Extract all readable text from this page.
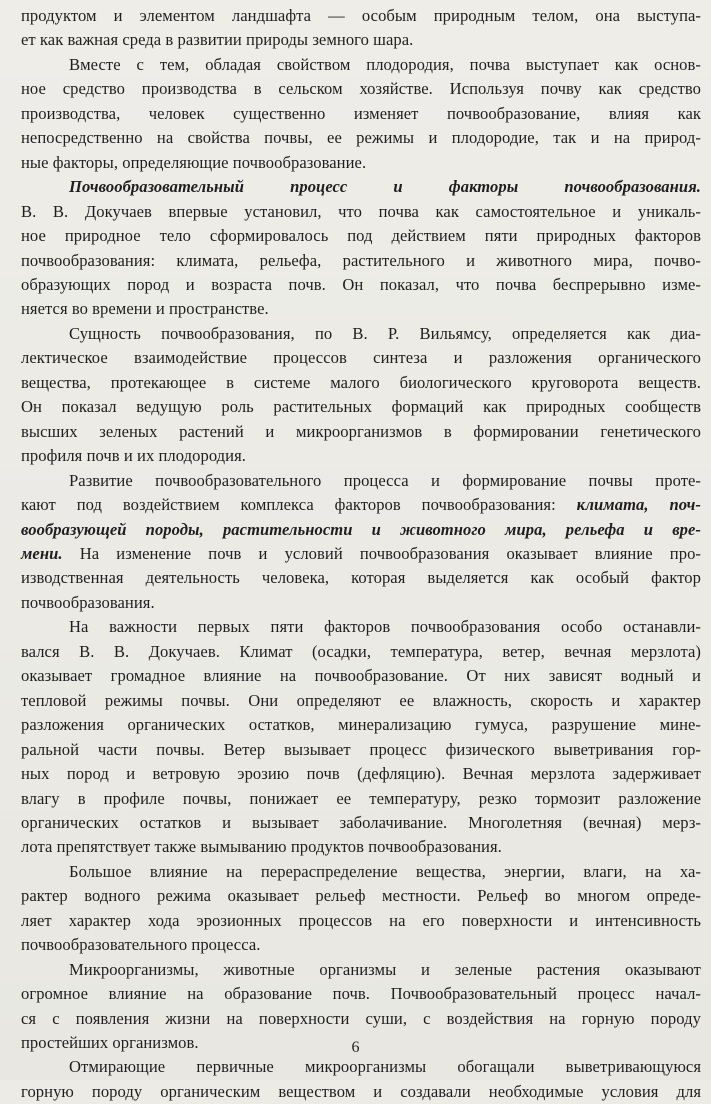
продуктом и элементом ландшафта — особым природным телом, она выступа-
ет как важная среда в развитии природы земного шара.

Вместе с тем, обладая свойством плодородия, почва выступает как основ-
ное средство производства в сельском хозяйстве. Используя почву как средство
производства, человек существенно изменяет почвообразование, влияя как
непосредственно на свойства почвы, ее режимы и плодородие, так и на природ-
ные факторы, определяющие почвообразование.

Почвообразовательный процесс и факторы почвообразования.
В. В. Докучаев впервые установил, что почва как самостоятельное и уникаль-
ное природное тело сформировалось под действием пяти природных факторов
почвообразования: климата, рельефа, растительного и животного мира, почво-
образующих пород и возраста почв. Он показал, что почва беспрерывно изме-
няется во времени и пространстве.

Сущность почвообразования, по В. Р. Вильямсу, определяется как диа-
лектическое взаимодействие процессов синтеза и разложения органического
вещества, протекающее в системе малого биологического круговорота веществ.
Он показал ведущую роль растительных формаций как природных сообществ
высших зеленых растений и микроорганизмов в формировании генетического
профиля почв и их плодородия.

Развитие почвообразовательного процесса и формирование почвы проте-
кают под воздействием комплекса факторов почвообразования: климата, поч-
вообразующей породы, растительности и животного мира, рельефа и вре-
мени. На изменение почв и условий почвообразования оказывает влияние про-
изводственная деятельность человека, которая выделяется как особый фактор
почвообразования.

На важности первых пяти факторов почвообразования особо останавли-
вался В. В. Докучаев. Климат (осадки, температура, ветер, вечная мерзлота)
оказывает громадное влияние на почвообразование. От них зависят водный и
тепловой режимы почвы. Они определяют ее влажность, скорость и характер
разложения органических остатков, минерализацию гумуса, разрушение мине-
ральной части почвы. Ветер вызывает процесс физического выветривания гор-
ных пород и ветровую эрозию почв (дефляцию). Вечная мерзлота задерживает
влагу в профиле почвы, понижает ее температуру, резко тормозит разложение
органических остатков и вызывает заболачивание. Многолетняя (вечная) мерз-
лота препятствует также вымыванию продуктов почвообразования.

Большое влияние на перераспределение вещества, энергии, влаги, на ха-
рактер водного режима оказывает рельеф местности. Рельеф во многом опреде-
ляет характер хода эрозионных процессов на его поверхности и интенсивность
почвообразовательного процесса.

Микроорганизмы, животные организмы и зеленые растения оказывают
огромное влияние на образование почв. Почвообразовательный процесс начал-
ся с появления жизни на поверхности суши, с воздействия на горную породу
простейших организмов.

Отмирающие первичные микроорганизмы обогащали выветривающуюся
горную породу органическим веществом и создавали необходимые условия для

6
